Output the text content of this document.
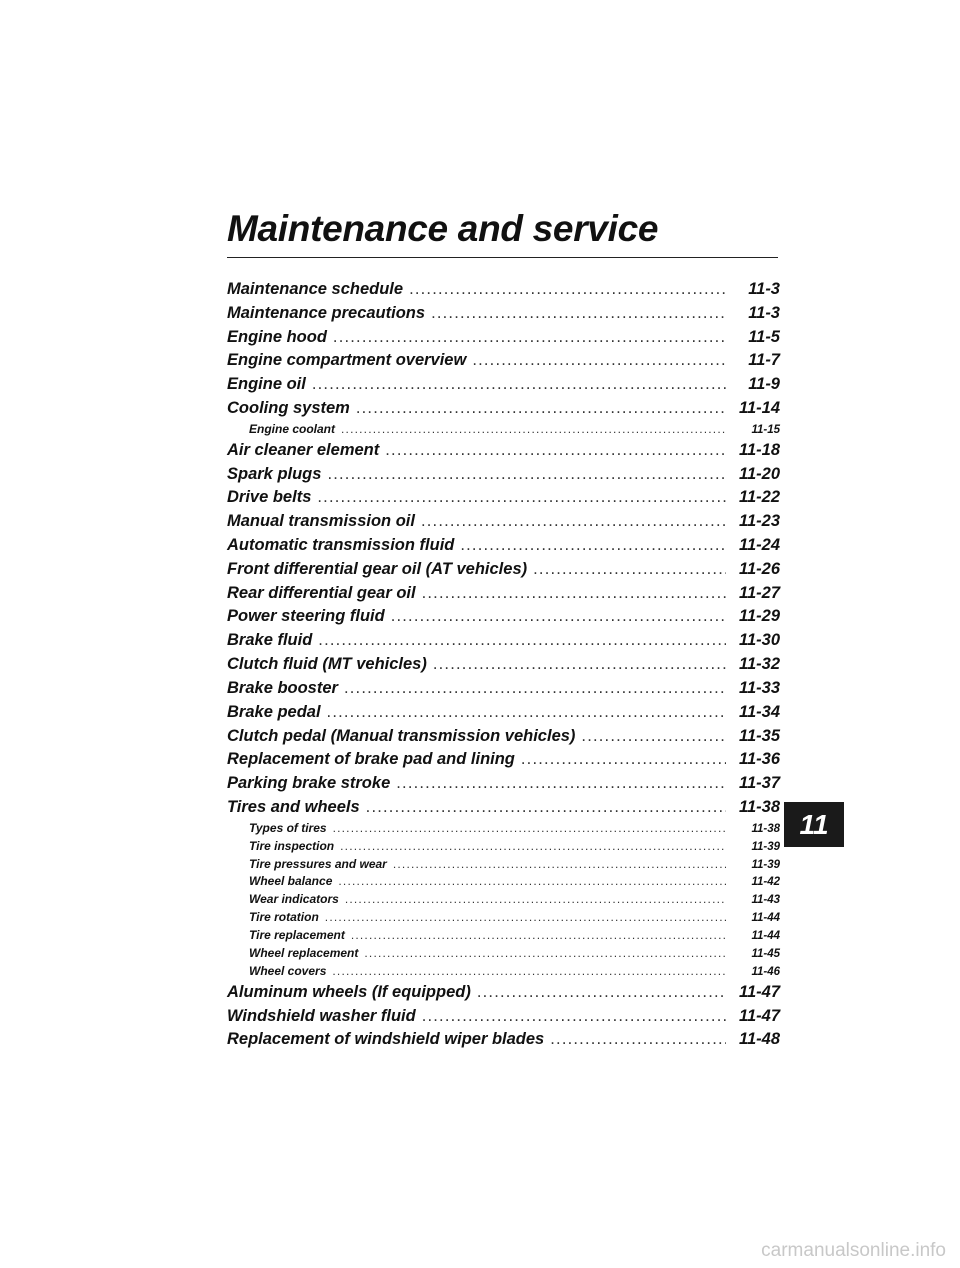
Maintenance and service
Maintenance schedule .....	11-3
Maintenance precautions .....	11-3
Engine hood .....	11-5
Engine compartment overview .....	11-7
Engine oil .....	11-9
Cooling system .....	11-14
Engine coolant .....	11-15
Air cleaner element .....	11-18
Spark plugs .....	11-20
Drive belts .....	11-22
Manual transmission oil .....	11-23
Automatic transmission fluid .....	11-24
Front differential gear oil (AT vehicles) .....	11-26
Rear differential gear oil .....	11-27
Power steering fluid .....	11-29
Brake fluid .....	11-30
Clutch fluid (MT vehicles) .....	11-32
Brake booster .....	11-33
Brake pedal .....	11-34
Clutch pedal (Manual transmission vehicles) .....	11-35
Replacement of brake pad and lining .....	11-36
Parking brake stroke .....	11-37
Tires and wheels .....	11-38
Types of tires .....	11-38
Tire inspection .....	11-39
Tire pressures and wear .....	11-39
Wheel balance .....	11-42
Wear indicators .....	11-43
Tire rotation .....	11-44
Tire replacement .....	11-44
Wheel replacement .....	11-45
Wheel covers .....	11-46
Aluminum wheels (If equipped) .....	11-47
Windshield washer fluid .....	11-47
Replacement of windshield wiper blades .....	11-48
11
carmanualsonline.info
